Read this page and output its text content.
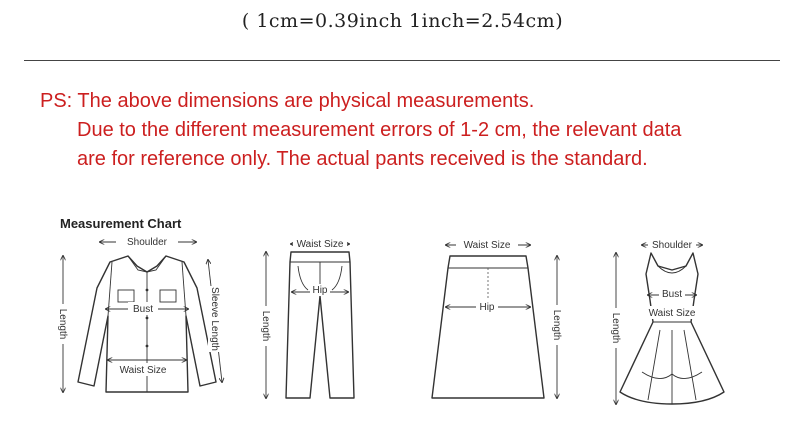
( 1cm=0.39inch 1inch=2.54cm)
PS: The above dimensions are physical measurements.
Due to the different measurement errors of 1-2 cm, the relevant data
are for reference only. The actual pants received is the standard.
Measurement Chart
Shoulder
Bust
Waist Size
Length	Sleeve Length
Waist Size
Hip
Length
Waist Size
Hip
Length
Shoulder
Bust
Waist Size
Length
